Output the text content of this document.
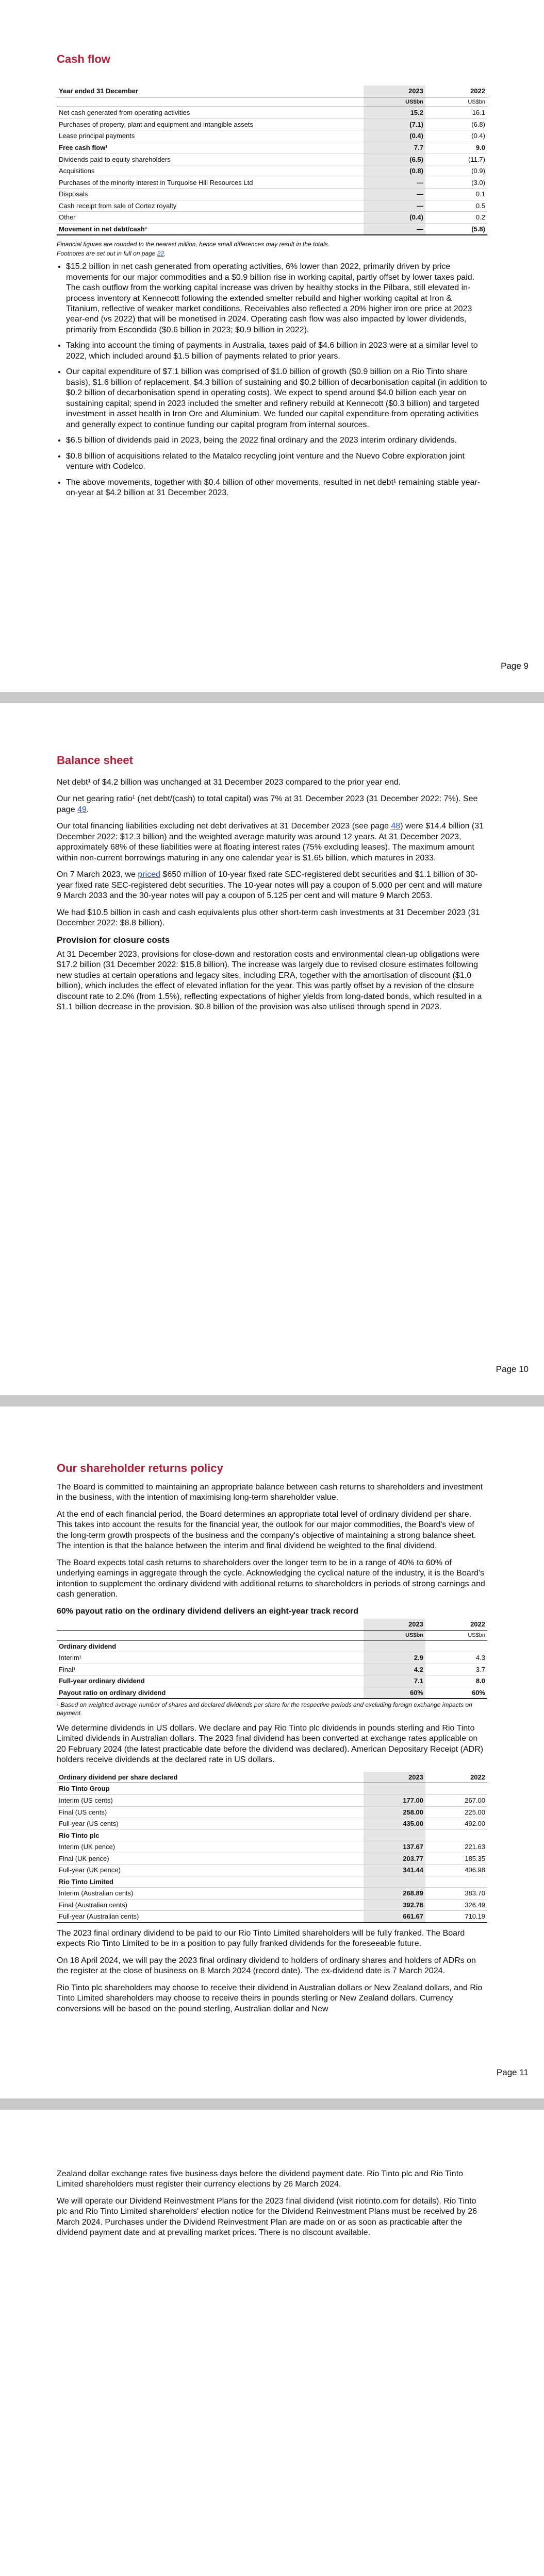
Cash flow
Year ended 31 December	2023	2022
	US$bn	US$bn
Net cash generated from operating activities	15.2	16.1
Purchases of property, plant and equipment and intangible assets	(7.1)	(6.8)
Lease principal payments	(0.4)	(0.4)
Free cash flow¹	7.7	9.0
Dividends paid to equity shareholders	(6.5)	(11.7)
Acquisitions	(0.8)	(0.9)
Purchases of the minority interest in Turquoise Hill Resources Ltd	—	(3.0)
Disposals	—	0.1
Cash receipt from sale of Cortez royalty	—	0.5
Other	(0.4)	0.2
Movement in net debt/cash¹	—	(5.8)

Financial figures are rounded to the nearest million, hence small differences may result in the totals.

Footnotes are set out in full on page 22.

• $15.2 billion in net cash generated from operating activities, 6% lower than 2022, primarily driven by price movements for our major commodities and a $0.9 billion rise in working capital, partly offset by lower taxes paid. The cash outflow from the working capital increase was driven by healthy stocks in the Pilbara, still elevated in-process inventory at Kennecott following the extended smelter rebuild and higher working capital at Iron & Titanium, reflective of weaker market conditions. Receivables also reflected a 20% higher iron ore price at 2023 year-end (vs 2022) that will be monetised in 2024. Operating cash flow was also impacted by lower dividends, primarily from Escondida ($0.6 billion in 2023; $0.9 billion in 2022).
• Taking into account the timing of payments in Australia, taxes paid of $4.6 billion in 2023 were at a similar level to 2022, which included around $1.5 billion of payments related to prior years.
• Our capital expenditure of $7.1 billion was comprised of $1.0 billion of growth ($0.9 billion on a Rio Tinto share basis), $1.6 billion of replacement, $4.3 billion of sustaining and $0.2 billion of decarbonisation capital (in addition to $0.2 billion of decarbonisation spend in operating costs). We expect to spend around $4.0 billion each year on sustaining capital; spend in 2023 included the smelter and refinery rebuild at Kennecott ($0.3 billion) and targeted investment in asset health in Iron Ore and Aluminium. We funded our capital expenditure from operating activities and generally expect to continue funding our capital program from internal sources.
• $6.5 billion of dividends paid in 2023, being the 2022 final ordinary and the 2023 interim ordinary dividends.
• $0.8 billion of acquisitions related to the Matalco recycling joint venture and the Nuevo Cobre exploration joint venture with Codelco.
• The above movements, together with $0.4 billion of other movements, resulted in net debt¹ remaining stable year-on-year at $4.2 billion at 31 December 2023.
Page 9
Balance sheet

Net debt¹ of $4.2 billion was unchanged at 31 December 2023 compared to the prior year end.

Our net gearing ratio¹ (net debt/(cash) to total capital) was 7% at 31 December 2023 (31 December 2022: 7%). See page 49.

Our total financing liabilities excluding net debt derivatives at 31 December 2023 (see page 48) were $14.4 billion (31 December 2022: $12.3 billion) and the weighted average maturity was around 12 years. At 31 December 2023, approximately 68% of these liabilities were at floating interest rates (75% excluding leases). The maximum amount within non-current borrowings maturing in any one calendar year is $1.65 billion, which matures in 2033.

On 7 March 2023, we priced $650 million of 10-year fixed rate SEC-registered debt securities and $1.1 billion of 30-year fixed rate SEC-registered debt securities. The 10-year notes will pay a coupon of 5.000 per cent and will mature 9 March 2033 and the 30-year notes will pay a coupon of 5.125 per cent and will mature 9 March 2053.

We had $10.5 billion in cash and cash equivalents plus other short-term cash investments at 31 December 2023 (31 December 2022: $8.8 billion).

Provision for closure costs

At 31 December 2023, provisions for close-down and restoration costs and environmental clean-up obligations were $17.2 billion (31 December 2022: $15.8 billion). The increase was largely due to revised closure estimates following new studies at certain operations and legacy sites, including ERA, together with the amortisation of discount ($1.0 billion), which includes the effect of elevated inflation for the year. This was partly offset by a revision of the closure discount rate to 2.0% (from 1.5%), reflecting expectations of higher yields from long-dated bonds, which resulted in a $1.1 billion decrease in the provision. $0.8 billion of the provision was also utilised through spend in 2023.

Page 10
Our shareholder returns policy

The Board is committed to maintaining an appropriate balance between cash returns to shareholders and investment in the business, with the intention of maximising long-term shareholder value.

At the end of each financial period, the Board determines an appropriate total level of ordinary dividend per share. This takes into account the results for the financial year, the outlook for our major commodities, the Board's view of the long-term growth prospects of the business and the company's objective of maintaining a strong balance sheet. The intention is that the balance between the interim and final dividend be weighted to the final dividend.

The Board expects total cash returns to shareholders over the longer term to be in a range of 40% to 60% of underlying earnings in aggregate through the cycle. Acknowledging the cyclical nature of the industry, it is the Board's intention to supplement the ordinary dividend with additional returns to shareholders in periods of strong earnings and cash generation.

60% payout ratio on the ordinary dividend delivers an eight-year track record

	2023	2022
	US$bn	US$bn
Ordinary dividend		
Interim¹	2.9	4.3
Final¹	4.2	3.7
Full-year ordinary dividend	7.1	8.0
Payout ratio on ordinary dividend	60%	60%

¹ Based on weighted average number of shares and declared dividends per share for the respective periods and excluding foreign exchange impacts on payment.

We determine dividends in US dollars. We declare and pay Rio Tinto plc dividends in pounds sterling and Rio Tinto Limited dividends in Australian dollars. The 2023 final dividend has been converted at exchange rates applicable on 20 February 2024 (the latest practicable date before the dividend was declared). American Depositary Receipt (ADR) holders receive dividends at the declared rate in US dollars.

Ordinary dividend per share declared	2023	2022
Rio Tinto Group		
Interim (US cents)	177.00	267.00
Final (US cents)	258.00	225.00
Full-year (US cents)	435.00	492.00
Rio Tinto plc		
Interim (UK pence)	137.67	221.63
Final (UK pence)	203.77	185.35
Full-year (UK pence)	341.44	406.98
Rio Tinto Limited		
Interim (Australian cents)	268.89	383.70
Final (Australian cents)	392.78	326.49
Full-year (Australian cents)	661.67	710.19

The 2023 final ordinary dividend to be paid to our Rio Tinto Limited shareholders will be fully franked. The Board expects Rio Tinto Limited to be in a position to pay fully franked dividends for the foreseeable future.

On 18 April 2024, we will pay the 2023 final ordinary dividend to holders of ordinary shares and holders of ADRs on the register at the close of business on 8 March 2024 (record date). The ex-dividend date is 7 March 2024.

Rio Tinto plc shareholders may choose to receive their dividend in Australian dollars or New Zealand dollars, and Rio Tinto Limited shareholders may choose to receive theirs in pounds sterling or New Zealand dollars. Currency conversions will be based on the pound sterling, Australian dollar and New

Page 11

Zealand dollar exchange rates five business days before the dividend payment date. Rio Tinto plc and Rio Tinto Limited shareholders must register their currency elections by 26 March 2024.

We will operate our Dividend Reinvestment Plans for the 2023 final dividend (visit riotinto.com for details). Rio Tinto plc and Rio Tinto Limited shareholders' election notice for the Dividend Reinvestment Plans must be received by 26 March 2024. Purchases under the Dividend Reinvestment Plan are made on or as soon as practicable after the dividend payment date and at prevailing market prices. There is no discount available.
